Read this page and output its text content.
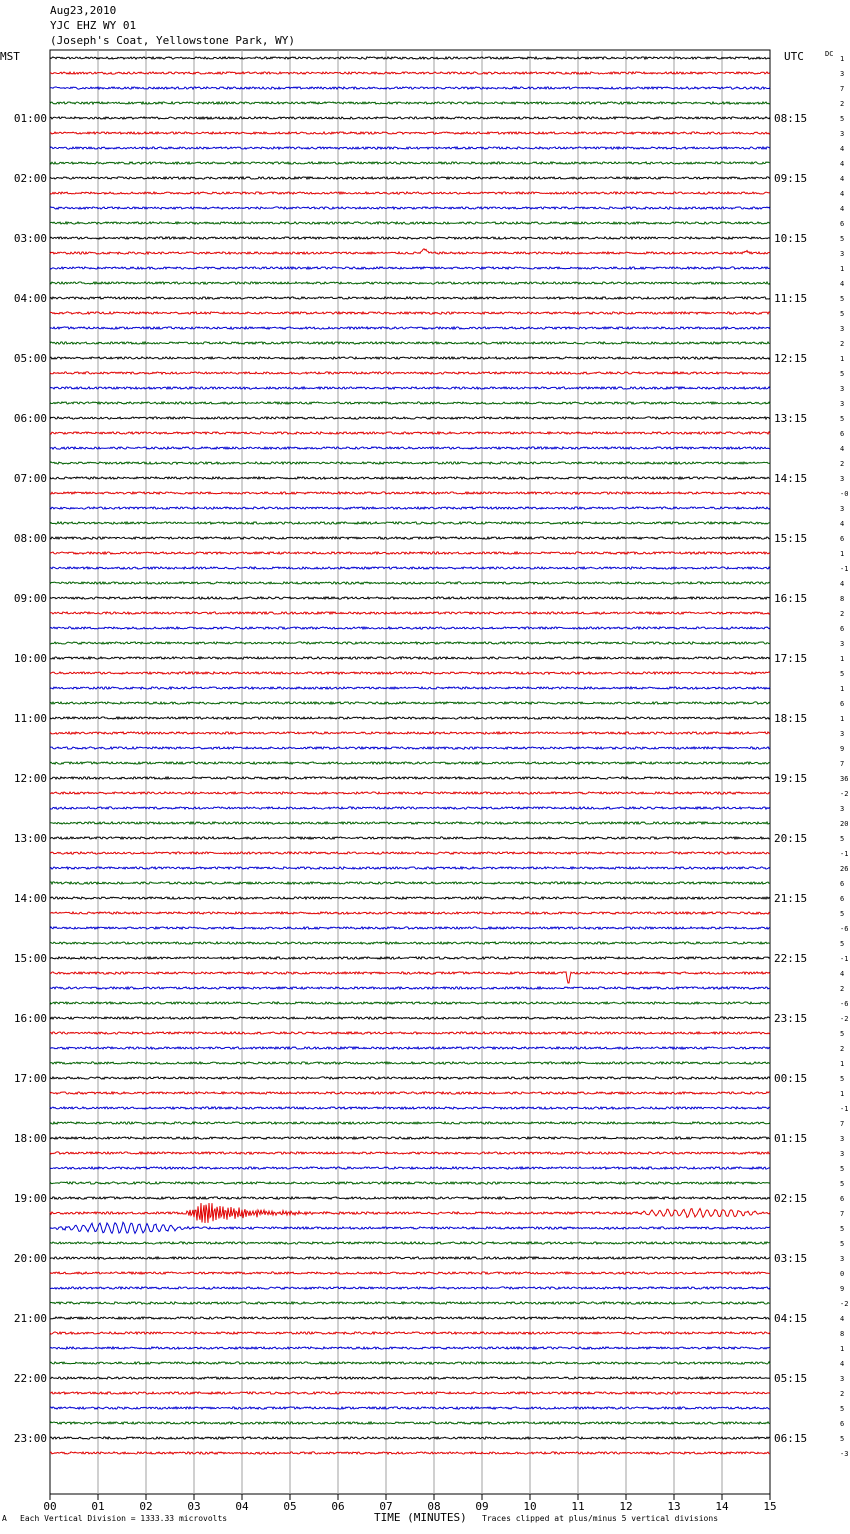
Aug23,2010
YJC EHZ WY 01
(Joseph's Coat, Yellowstone Park, WY)
MST	UTC	DC
1
3
7
2
5
3
4
4
4
4
4
6
5
3
1
4
5
5
3
2
1
5
3
3
5
6
4
2
3
-0
3
4
6
1
-1
4
8
2
6
3
1
5
1
6
1
3
9
7
36
-2
3
20
5
-1
26
6
6
5
-6
5
-1
4
2
-6
-2
5
2
1
5
1
-1
7
3
3
5
5
6
7
5
5
3
0
9
-2
4
8
1
4
3
2
5
6
5
-3
01:00
02:00
03:00
04:00
05:00
06:00
07:00
08:00
09:00
10:00
11:00
12:00
13:00
14:00
15:00
16:00
17:00
18:00
19:00
20:00
21:00
22:00
23:00
08:15
09:15
10:15
11:15
12:15
13:15
14:15
15:15
16:15
17:15
18:15
19:15
20:15
21:15
22:15
23:15
00:15
01:15
02:15
03:15
04:15
05:15
06:15
00	01	02	03	04	05	06	07	08	09	10	11	12	13	14	15
TIME (MINUTES)
A Each Vertical Division = 1333.33 microvolts	Traces clipped at plus/minus 5 vertical divisions
